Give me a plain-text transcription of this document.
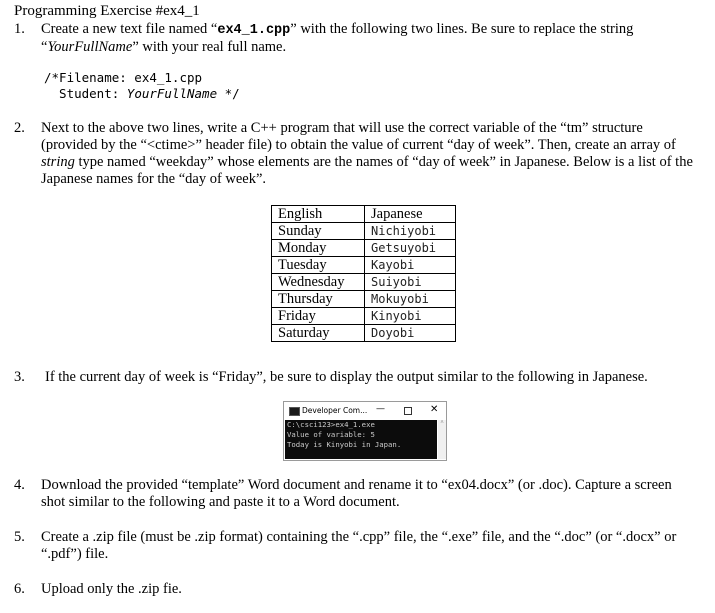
Programming Exercise #ex4_1
1.	Create a new text file named “ex4_1.cpp” with the following two lines. Be sure to replace the string
“YourFullName” with your real full name.
/*Filename: ex4_1.cpp
Student: YourFullName */
2.	Next to the above two lines, write a C++ program that will use the correct variable of the “tm” structure
(provided by the “<ctime>” header file) to obtain the value of current “day of week”. Then, create an array of
string type named “weekday” whose elements are the names of “day of week” in Japanese. Below is a list of the
Japanese names for the “day of week”.
English	Japanese
Sunday	Nichiyobi
Monday	Getsuyobi
Tuesday	Kayobi
Wednesday	Suiyobi
Thursday	Mokuyobi
Friday	Kinyobi
Saturday	Doyobi
3.	If the current day of week is “Friday”, be sure to display the output similar to the following in Japanese.
Developer Com... —	✕
C:\csci123>ex4_1.exe
Value of variable: 5
Today is Kinyobi in Japan.
^
4.	Download the provided “template” Word document and rename it to “ex04.docx” (or .doc). Capture a screen
shot similar to the following and paste it to a Word document.
5.	Create a .zip file (must be .zip format) containing the “.cpp” file, the “.exe” file, and the “.doc” (or “.docx” or
“.pdf”) file.
6.	Upload only the .zip fie.
